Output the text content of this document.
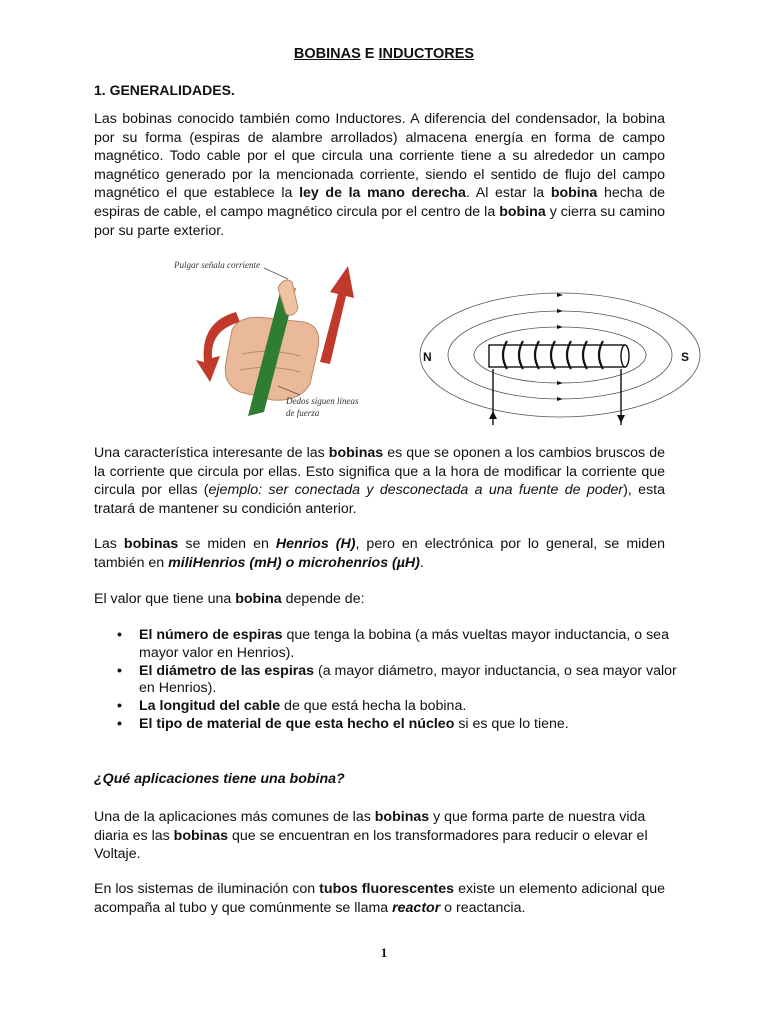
BOBINAS E INDUCTORES
1. GENERALIDADES.

Las bobinas conocido también como Inductores. A diferencia del condensador, la bobina por su forma (espiras de alambre arrollados) almacena energía en forma de campo magnético. Todo cable por el que circula una corriente tiene a su alrededor un campo magnético generado por la mencionada corriente, siendo el sentido de flujo del campo magnético el que establece la ley de la mano derecha. Al estar la bobina hecha de espiras de cable, el campo magnético circula por el centro de la bobina y cierra su camino por su parte exterior.

Pulgar señala corriente
Dedos siguen líneas
de fuerza
N	S

Una característica interesante de las bobinas es que se oponen a los cambios bruscos de la corriente que circula por ellas. Esto significa que a la hora de modificar la corriente que circula por ellas (ejemplo: ser conectada y desconectada a una fuente de poder), esta tratará de mantener su condición anterior.

Las bobinas se miden en Henrios (H), pero en electrónica por lo general, se miden también en miliHenrios (mH) o microhenrios (µH).

El valor que tiene una bobina depende de:

• El número de espiras que tenga la bobina (a más vueltas mayor inductancia, o sea mayor valor en Henrios).
• El diámetro de las espiras (a mayor diámetro, mayor inductancia, o sea mayor valor en Henrios).
• La longitud del cable de que está hecha la bobina.
• El tipo de material de que esta hecho el núcleo si es que lo tiene.
¿Qué aplicaciones tiene una bobina?

Una de la aplicaciones más comunes de las bobinas y que forma parte de nuestra vida diaria es las bobinas que se encuentran en los transformadores para reducir o elevar el Voltaje.

En los sistemas de iluminación con tubos fluorescentes existe un elemento adicional que acompaña al tubo y que comúnmente se llama reactor o reactancia.

1
